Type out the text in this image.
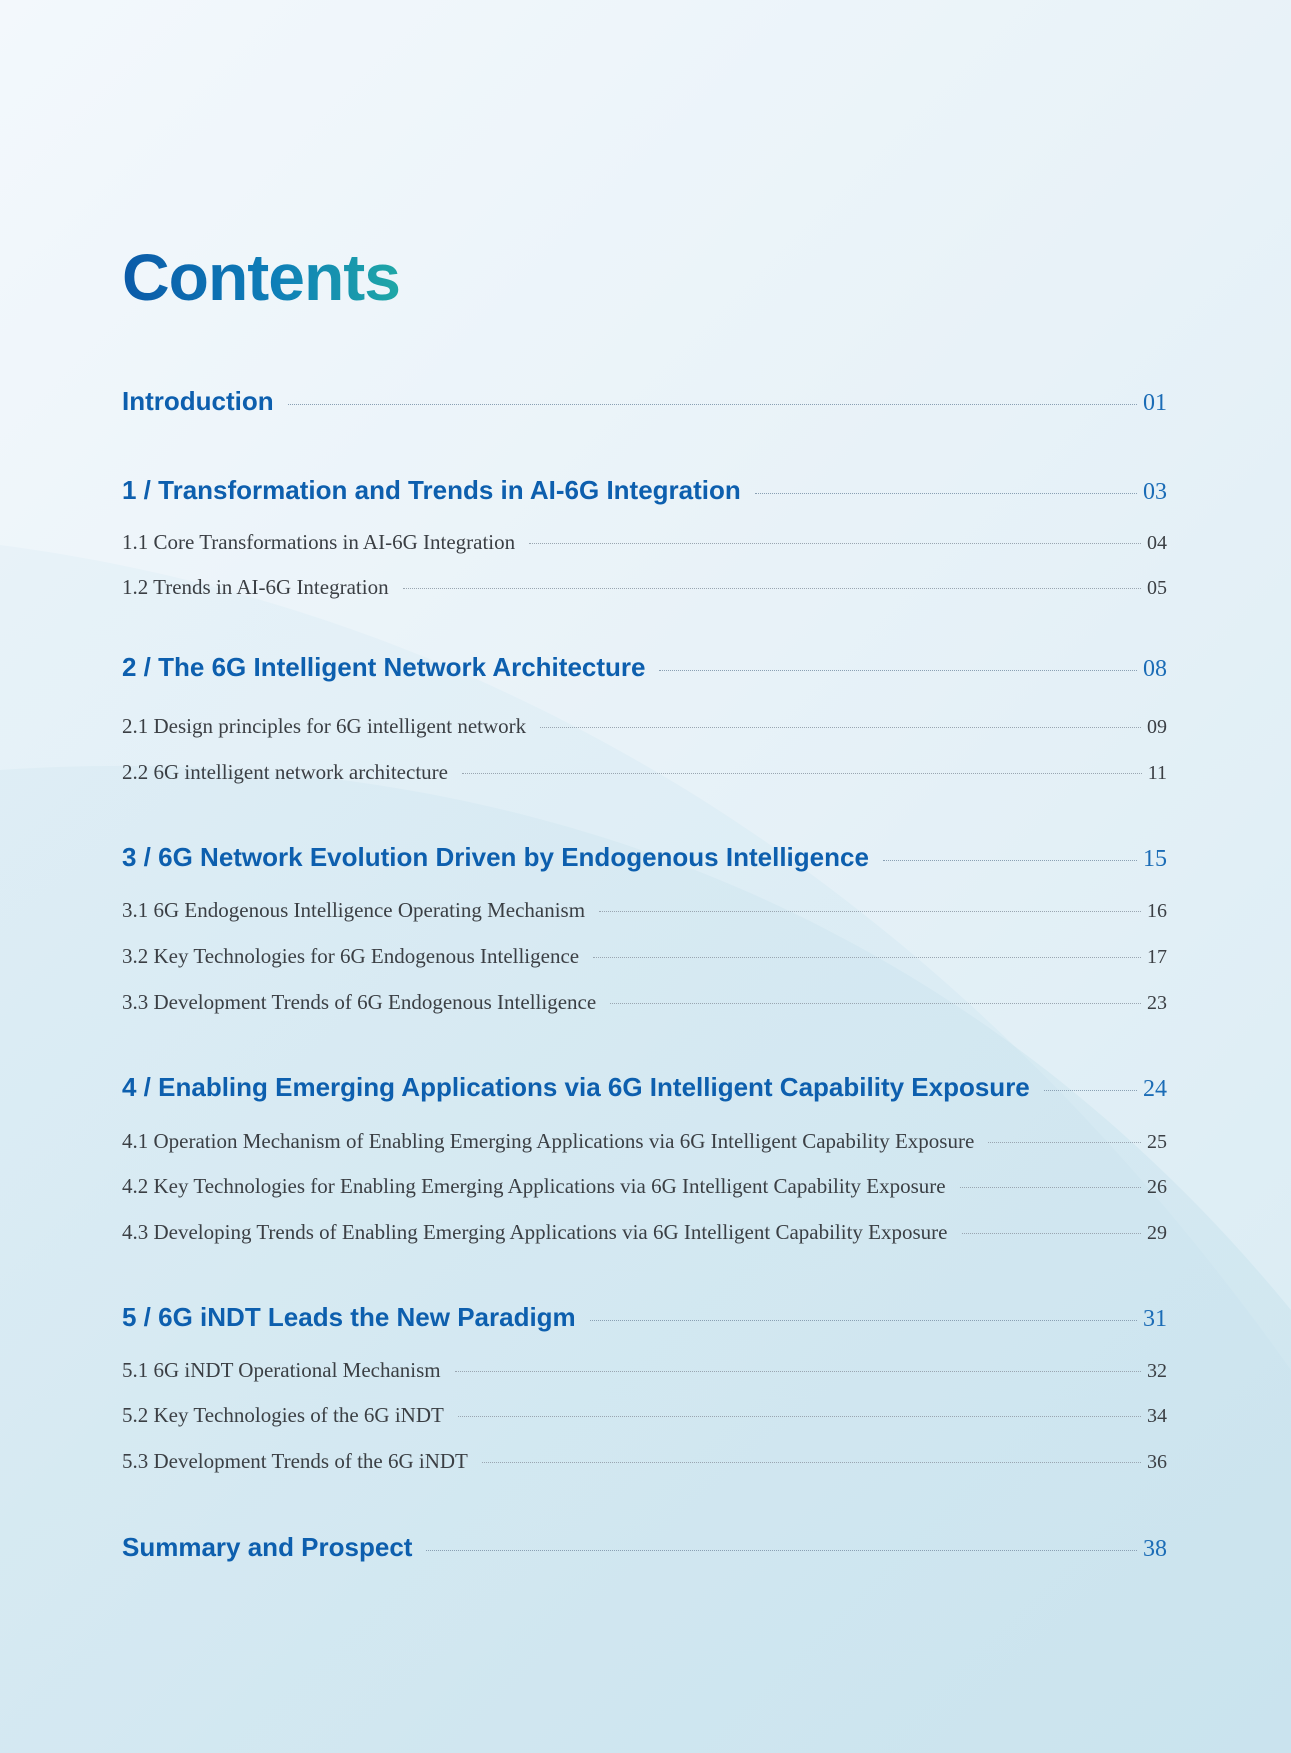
Contents
Introduction	01
1 / Transformation and Trends in AI-6G Integration	03
1.1 Core Transformations in AI-6G Integration	04
1.2 Trends in AI-6G Integration	05
2 / The 6G Intelligent Network Architecture	08
2.1 Design principles for 6G intelligent network	09
2.2 6G intelligent network architecture	11
3 / 6G Network Evolution Driven by Endogenous Intelligence	15
3.1 6G Endogenous Intelligence Operating Mechanism	16
3.2 Key Technologies for 6G Endogenous Intelligence	17
3.3 Development Trends of 6G Endogenous Intelligence	23
4 / Enabling Emerging Applications via 6G Intelligent Capability Exposure	24
4.1 Operation Mechanism of Enabling Emerging Applications via 6G Intelligent Capability Exposure	25
4.2 Key Technologies for Enabling Emerging Applications via 6G Intelligent Capability Exposure	26
4.3 Developing Trends of Enabling Emerging Applications via 6G Intelligent Capability Exposure	29
5 / 6G iNDT Leads the New Paradigm	31
5.1 6G iNDT Operational Mechanism	32
5.2 Key Technologies of the 6G iNDT	34
5.3 Development Trends of the 6G iNDT	36
Summary and Prospect	38
